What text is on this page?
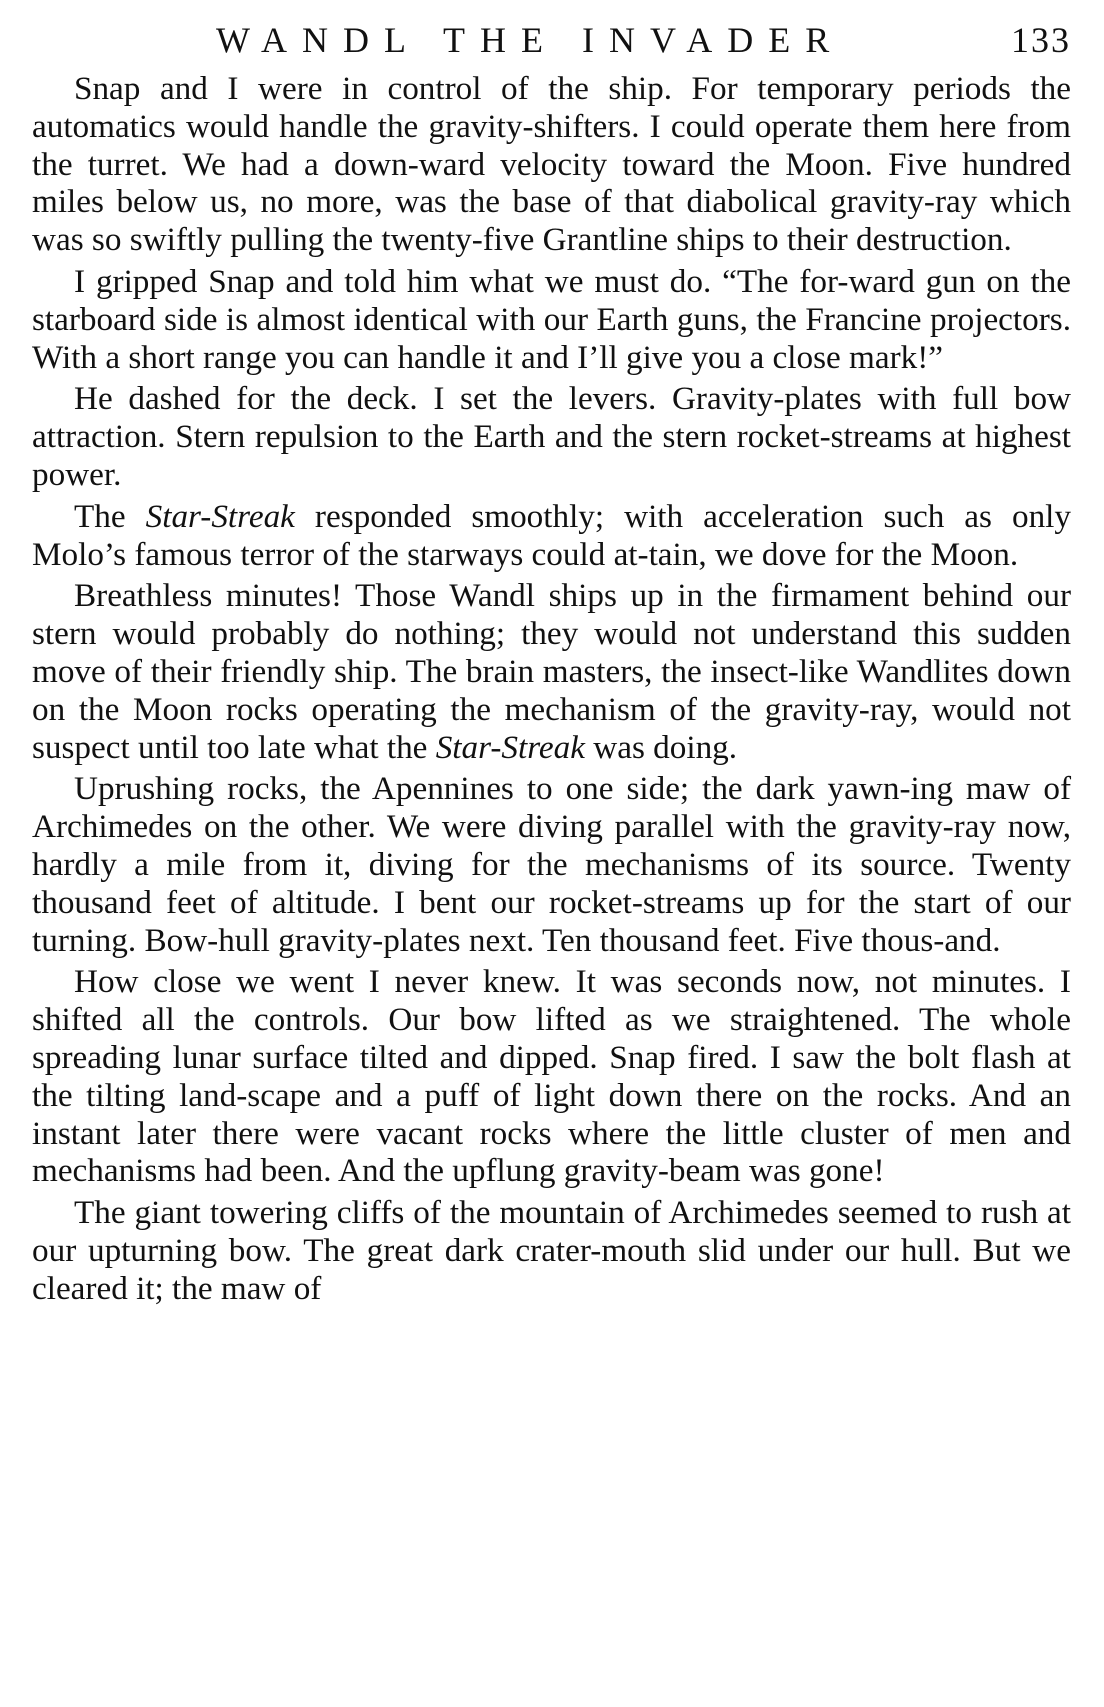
WANDL THE INVADER	133

Snap and I were in control of the ship. For temporary periods the automatics would handle the gravity-shifters. I could operate them here from the turret. We had a down-ward velocity toward the Moon. Five hundred miles below us, no more, was the base of that diabolical gravity-ray which was so swiftly pulling the twenty-five Grantline ships to their destruction.

I gripped Snap and told him what we must do. “The for-ward gun on the starboard side is almost identical with our Earth guns, the Francine projectors. With a short range you can handle it and I’ll give you a close mark!”

He dashed for the deck. I set the levers. Gravity-plates with full bow attraction. Stern repulsion to the Earth and the stern rocket-streams at highest power.

The Star-Streak responded smoothly; with acceleration such as only Molo’s famous terror of the starways could at-tain, we dove for the Moon.

Breathless minutes! Those Wandl ships up in the firmament behind our stern would probably do nothing; they would not understand this sudden move of their friendly ship. The brain masters, the insect-like Wandlites down on the Moon rocks operating the mechanism of the gravity-ray, would not suspect until too late what the Star-Streak was doing.

Uprushing rocks, the Apennines to one side; the dark yawn-ing maw of Archimedes on the other. We were diving parallel with the gravity-ray now, hardly a mile from it, diving for the mechanisms of its source. Twenty thousand feet of altitude. I bent our rocket-streams up for the start of our turning. Bow-hull gravity-plates next. Ten thousand feet. Five thous-and.

How close we went I never knew. It was seconds now, not minutes. I shifted all the controls. Our bow lifted as we straightened. The whole spreading lunar surface tilted and dipped. Snap fired. I saw the bolt flash at the tilting land-scape and a puff of light down there on the rocks. And an instant later there were vacant rocks where the little cluster of men and mechanisms had been. And the upflung gravity-beam was gone!

The giant towering cliffs of the mountain of Archimedes seemed to rush at our upturning bow. The great dark crater-mouth slid under our hull. But we cleared it; the maw of
